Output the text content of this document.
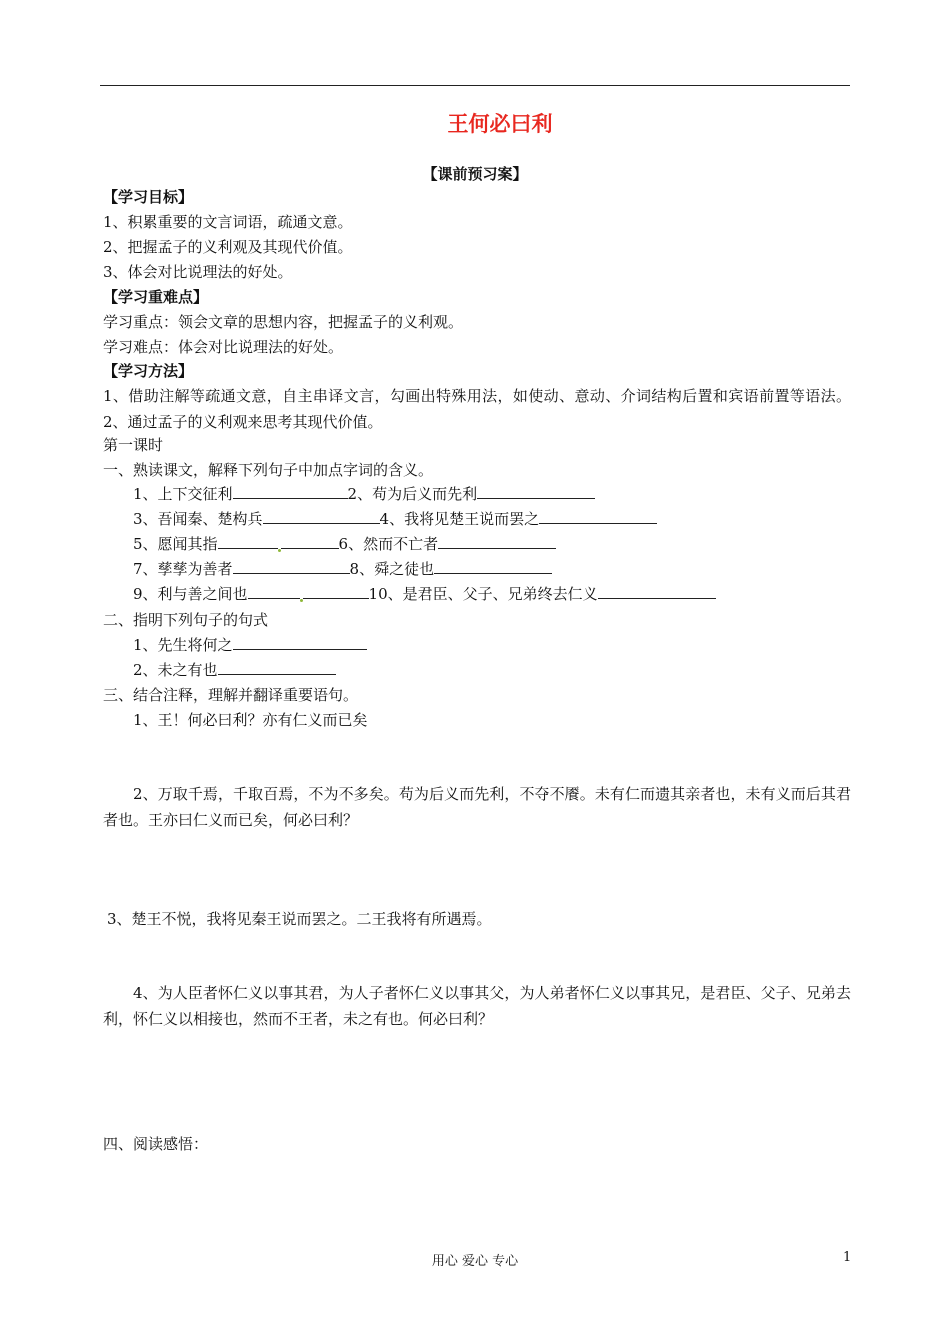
王何必曰利
【课前预习案】
【学习目标】
1、积累重要的文言词语，疏通文意。
2、把握孟子的义利观及其现代价值。
3、体会对比说理法的好处。
【学习重难点】
学习重点：领会文章的思想内容，把握孟子的义利观。
学习难点：体会对比说理法的好处。
【学习方法】
1、借助注解等疏通文意，自主串译文言，勾画出特殊用法，如使动、意动、介词结构后置和宾语前置等语法。2、通过孟子的义利观来思考其现代价值。
第一课时
一、熟读课文，解释下列句子中加点字词的含义。
1、上下交征利	2、苟为后义而先利
3、吾闻秦、楚构兵	4、我将见楚王说而罢之
5、愿闻其指	6、然而不亡者
7、孳孳为善者	8、舜之徒也
9、利与善之间也	10、是君臣、父子、兄弟终去仁义
二、指明下列句子的句式
1、先生将何之
2、未之有也
三、结合注释，理解并翻译重要语句。
1、王！何必曰利？亦有仁义而已矣
2、万取千焉，千取百焉，不为不多矣。苟为后义而先利，不夺不餍。未有仁而遗其亲者也，未有义而后其君者也。王亦曰仁义而已矣，何必曰利？
3、楚王不悦，我将见秦王说而罢之。二王我将有所遇焉。
4、为人臣者怀仁义以事其君，为人子者怀仁义以事其父，为人弟者怀仁义以事其兄，是君臣、父子、兄弟去利，怀仁义以相接也，然而不王者，未之有也。何必曰利？
四、阅读感悟：
用心 爱心 专心	1
